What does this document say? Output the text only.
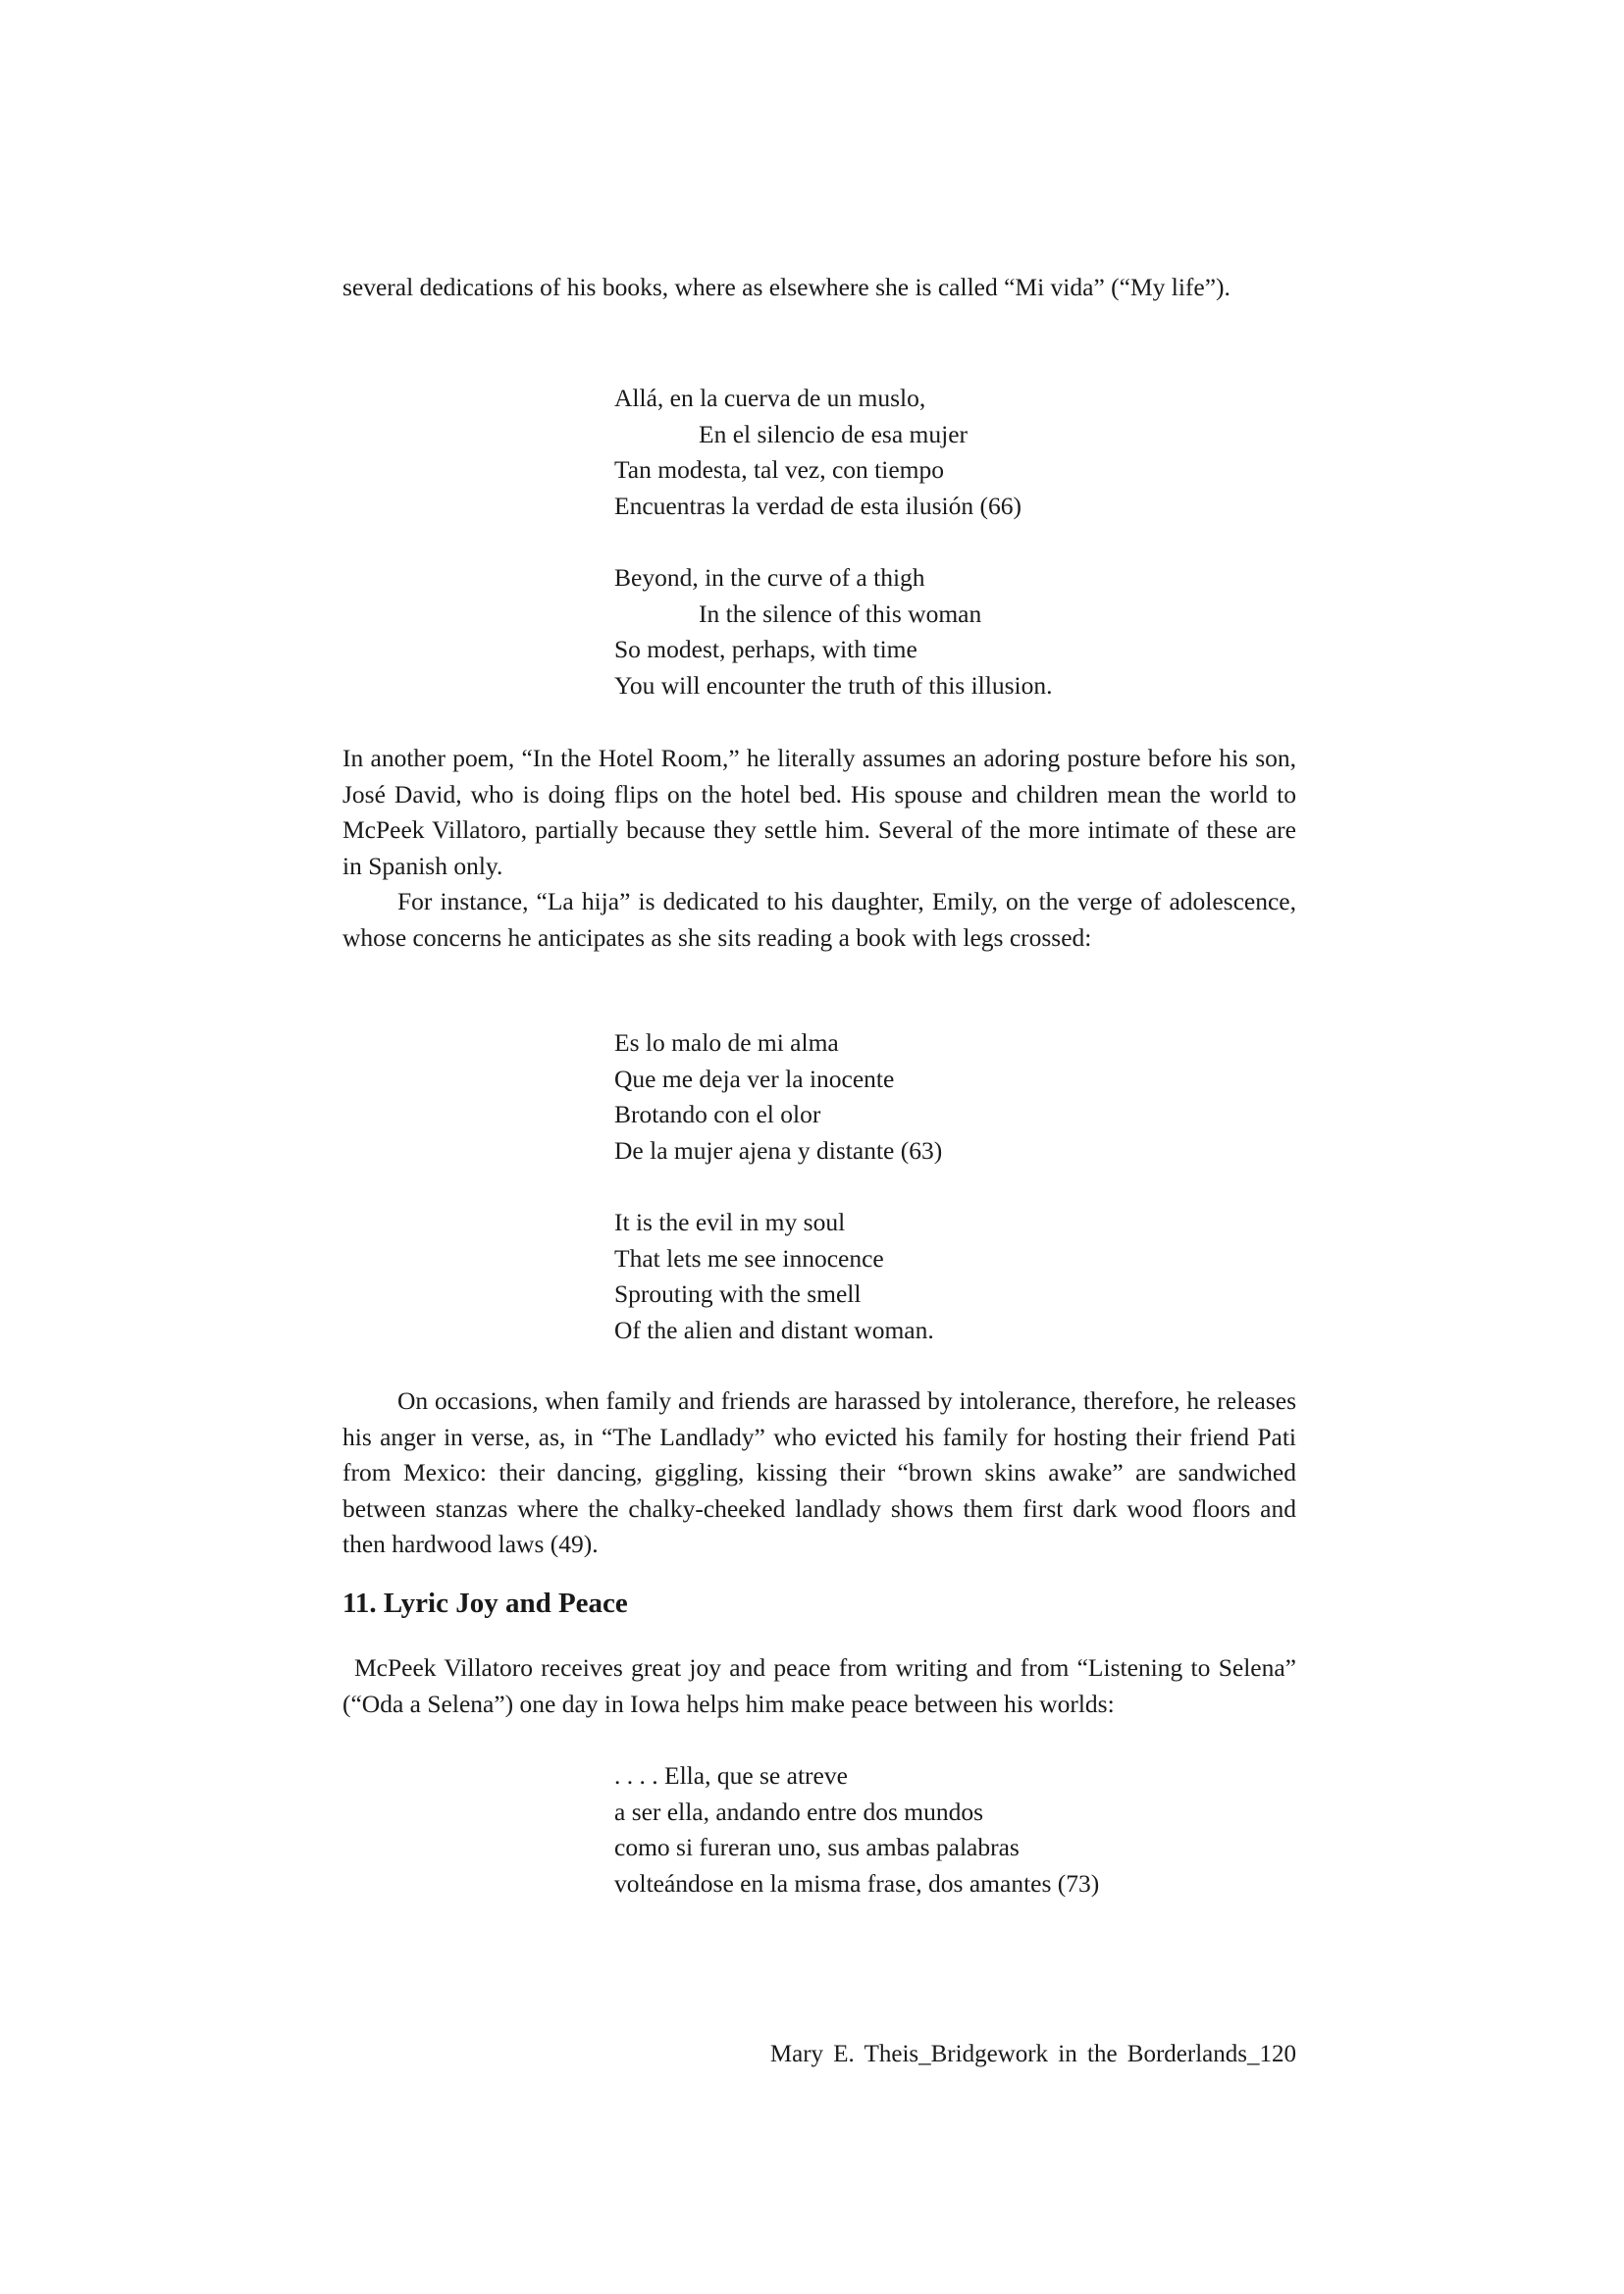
several dedications of his books, where as elsewhere she is called “Mi vida” (“My life”).

Allá, en la cuerva de un muslo,
En el silencio de esa mujer
Tan modesta, tal vez, con tiempo
Encuentras la verdad de esta ilusión (66)
Beyond, in the curve of a thigh
In the silence of this woman
So modest, perhaps, with time
You will encounter the truth of this illusion.

In another poem, “In the Hotel Room,” he literally assumes an adoring posture before his son, José David, who is doing flips on the hotel bed. His spouse and children mean the world to McPeek Villatoro, partially because they settle him. Several of the more intimate of these are in Spanish only.

For instance, “La hija” is dedicated to his daughter, Emily, on the verge of adolescence, whose concerns he anticipates as she sits reading a book with legs crossed:

Es lo malo de mi alma
Que me deja ver la inocente
Brotando con el olor
De la mujer ajena y distante (63)
It is the evil in my soul
That lets me see innocence
Sprouting with the smell
Of the alien and distant woman.

On occasions, when family and friends are harassed by intolerance, therefore, he releases his anger in verse, as, in “The Landlady” who evicted his family for hosting their friend Pati from Mexico: their dancing, giggling, kissing their “brown skins awake” are sandwiched between stanzas where the chalky-cheeked landlady shows them first dark wood floors and then hardwood laws (49).

11. Lyric Joy and Peace

McPeek Villatoro receives great joy and peace from writing and from “Listening to Selena” (“Oda a Selena”) one day in Iowa helps him make peace between his worlds:

. . . . Ella, que se atreve
a ser ella, andando entre dos mundos
como si fureran uno, sus ambas palabras
volteándose en la misma frase, dos amantes (73)

Mary E. Theis_Bridgework in the Borderlands_120
